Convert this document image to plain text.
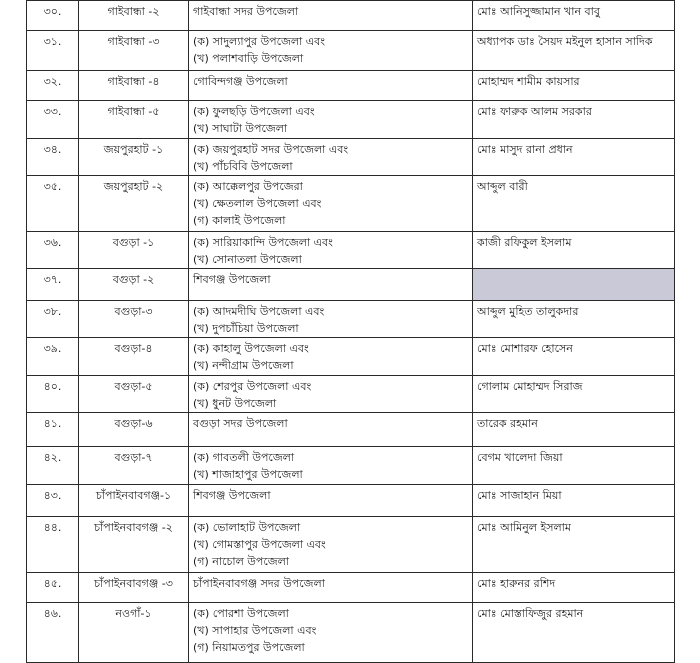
৩০.	গাইবান্ধা -২	গাইবান্ধা সদর উপজেলা	মোঃ আনিসুজ্জামান খান বাবু
৩১.	গাইবান্ধা -৩	(ক) সাদুল্যাপুর উপজেলা এবং
(খ) পলাশবাড়ি উপজেলা	অধ্যাপক ডাঃ সৈয়দ মইনুল হাসান সাদিক
৩২.	গাইবান্ধা -৪	গোবিন্দগঞ্জ উপজেলা	মোহাম্মদ শামীম কায়সার
৩৩.	গাইবান্ধা -৫	(ক) ফুলছড়ি উপজেলা এবং
(খ) সাঘাটা উপজেলা	মোঃ ফারুক আলম সরকার
৩৪.	জয়পুরহাট -১	(ক) জয়পুরহাট সদর উপজেলা এবং
(খ) পাঁচবিবি উপজেলা	মোঃ মাসুদ রানা প্রধান
৩৫.	জয়পুরহাট -২	(ক) আক্কেলপুর উপজেরা
(খ) ক্ষেতলাল উপজেলা এবং
(গ) কালাই উপজেলা	আব্দুল বারী
৩৬.	বগুড়া -১	(ক) সারিয়াকান্দি উপজেলা এবং
(খ) সোনাতলা উপজেলা	কাজী রফিকুল ইসলাম
৩৭.	বগুড়া -২	শিবগঞ্জ উপজেলা	

৩৮.	বগুড়া-৩	(ক) আদমদীঘি উপজেলা এবং
(খ) দুপচাঁচিয়া উপজেলা	আব্দুল মুহিত তালুকদার
৩৯.	বগুড়া-৪	(ক) কাহালু উপজেলা এবং
(খ) নন্দীগ্রাম উপজেলা	মোঃ মোশারফ হোসেন
৪০.	বগুড়া-৫	(ক) শেরপুর উপজেলা এবং
(খ) ধুনট উপজেলা	গোলাম মোহাম্মদ সিরাজ
৪১.	বগুড়া-৬	বগুড়া সদর উপজেলা	তারেক রহমান
৪২.	বগুড়া-৭	(ক) গাবতলী উপজেলা
(খ) শাজাহাপুর উপজেলা	বেগম খালেদা জিয়া
৪৩.	চাঁপাইনবাবগঞ্জ-১	শিবগঞ্জ উপজেলা	মোঃ সাজাহান মিয়া
৪৪.	চাঁপাইনবাবগঞ্জ -২	(ক) ভোলাহাট উপজেলা
(খ) গোমস্তাপুর উপজেলা এবং
(গ) নাচোল উপজেলা	মোঃ আমিনুল ইসলাম
৪৫.	চাঁপাইনবাবগঞ্জ -৩	চাঁপাইনবাবগঞ্জ সদর উপজেলা	মোঃ হারুনর রশিদ
৪৬.	নওগাঁ-১	(ক) পোরশা উপজেলা
(খ) সাপাহার উপজেলা এবং
(গ) নিয়ামতপুর উপজেলা	মোঃ মোস্তাফিজুর রহমান
